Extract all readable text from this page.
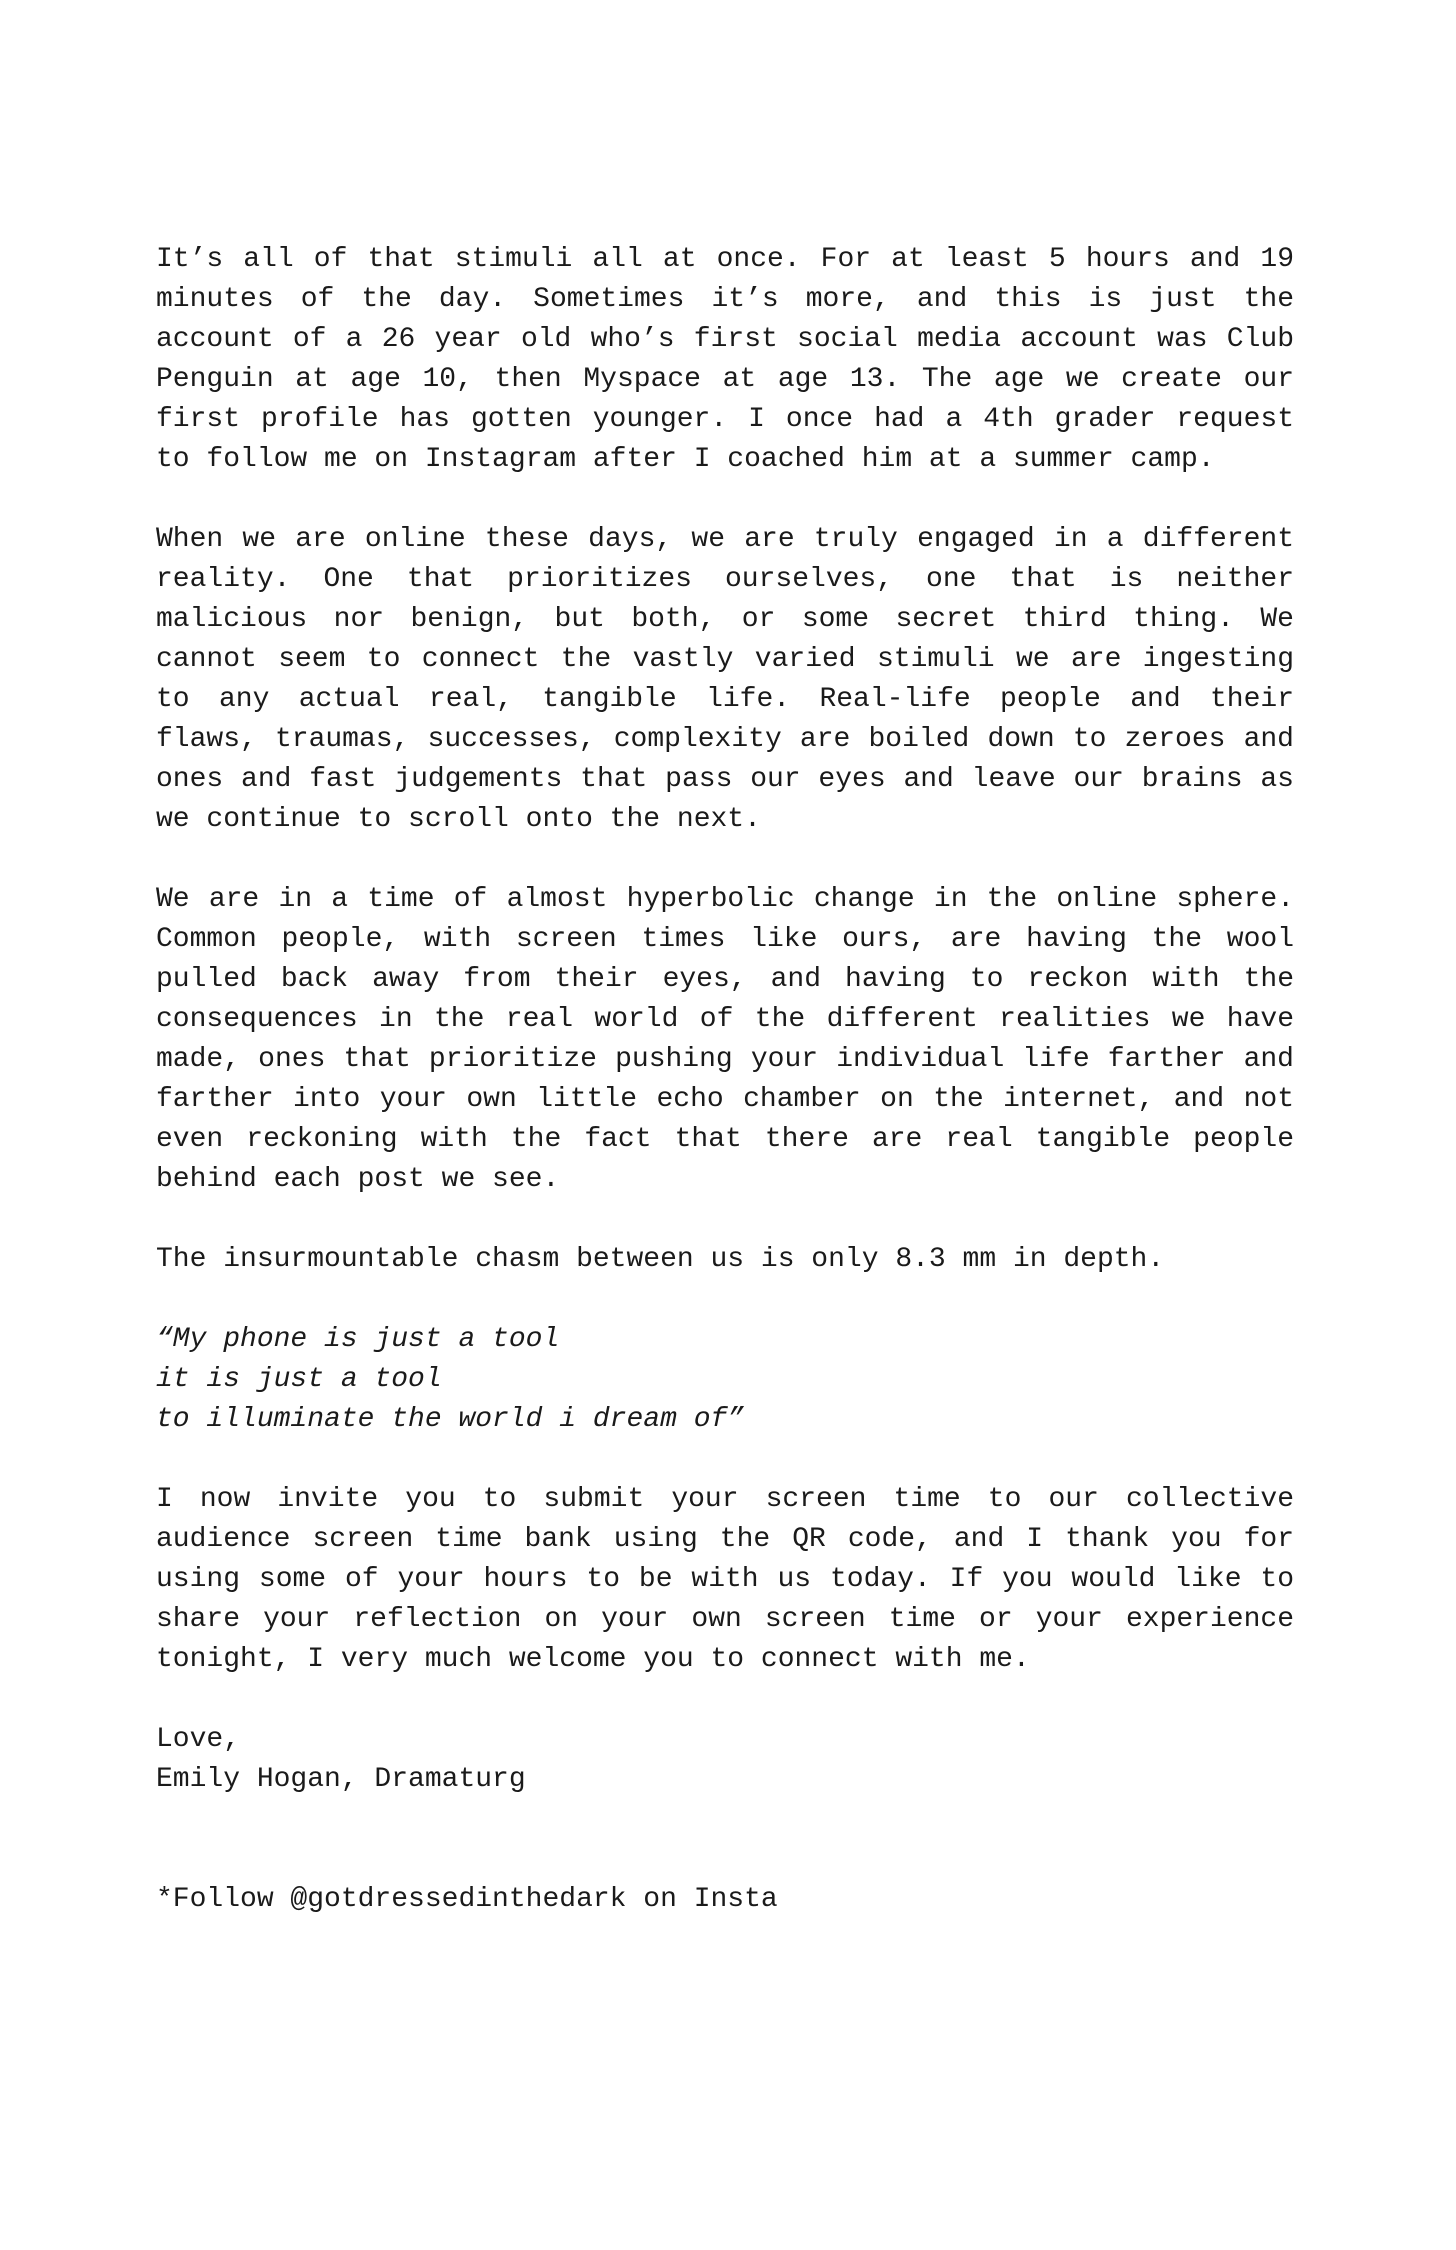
It’s all of that stimuli all at once. For at least 5 hours and 19 minutes of the day. Sometimes it’s more, and this is just the account of a 26 year old who’s first social media account was Club Penguin at age 10, then Myspace at age 13. The age we create our first profile has gotten younger. I once had a 4th grader request to follow me on Instagram after I coached him at a summer camp.

When we are online these days, we are truly engaged in a different reality. One that prioritizes ourselves, one that is neither malicious nor benign, but both, or some secret third thing. We cannot seem to connect the vastly varied stimuli we are ingesting to any actual real, tangible life. Real-life people and their flaws, traumas, successes, complexity are boiled down to zeroes and ones and fast judgements that pass our eyes and leave our brains as we continue to scroll onto the next.

We are in a time of almost hyperbolic change in the online sphere. Common people, with screen times like ours, are having the wool pulled back away from their eyes, and having to reckon with the consequences in the real world of the different realities we have made, ones that prioritize pushing your individual life farther and farther into your own little echo chamber on the internet, and not even reckoning with the fact that there are real tangible people behind each post we see.

The insurmountable chasm between us is only 8.3 mm in depth.

“My phone is just a tool
it is just a tool
to illuminate the world i dream of”

I now invite you to submit your screen time to our collective audience screen time bank using the QR code, and I thank you for using some of your hours to be with us today. If you would like to share your reflection on your own screen time or your experience tonight, I very much welcome you to connect with me.

Love,
Emily Hogan, Dramaturg

*Follow @gotdressedinthedark on Insta
